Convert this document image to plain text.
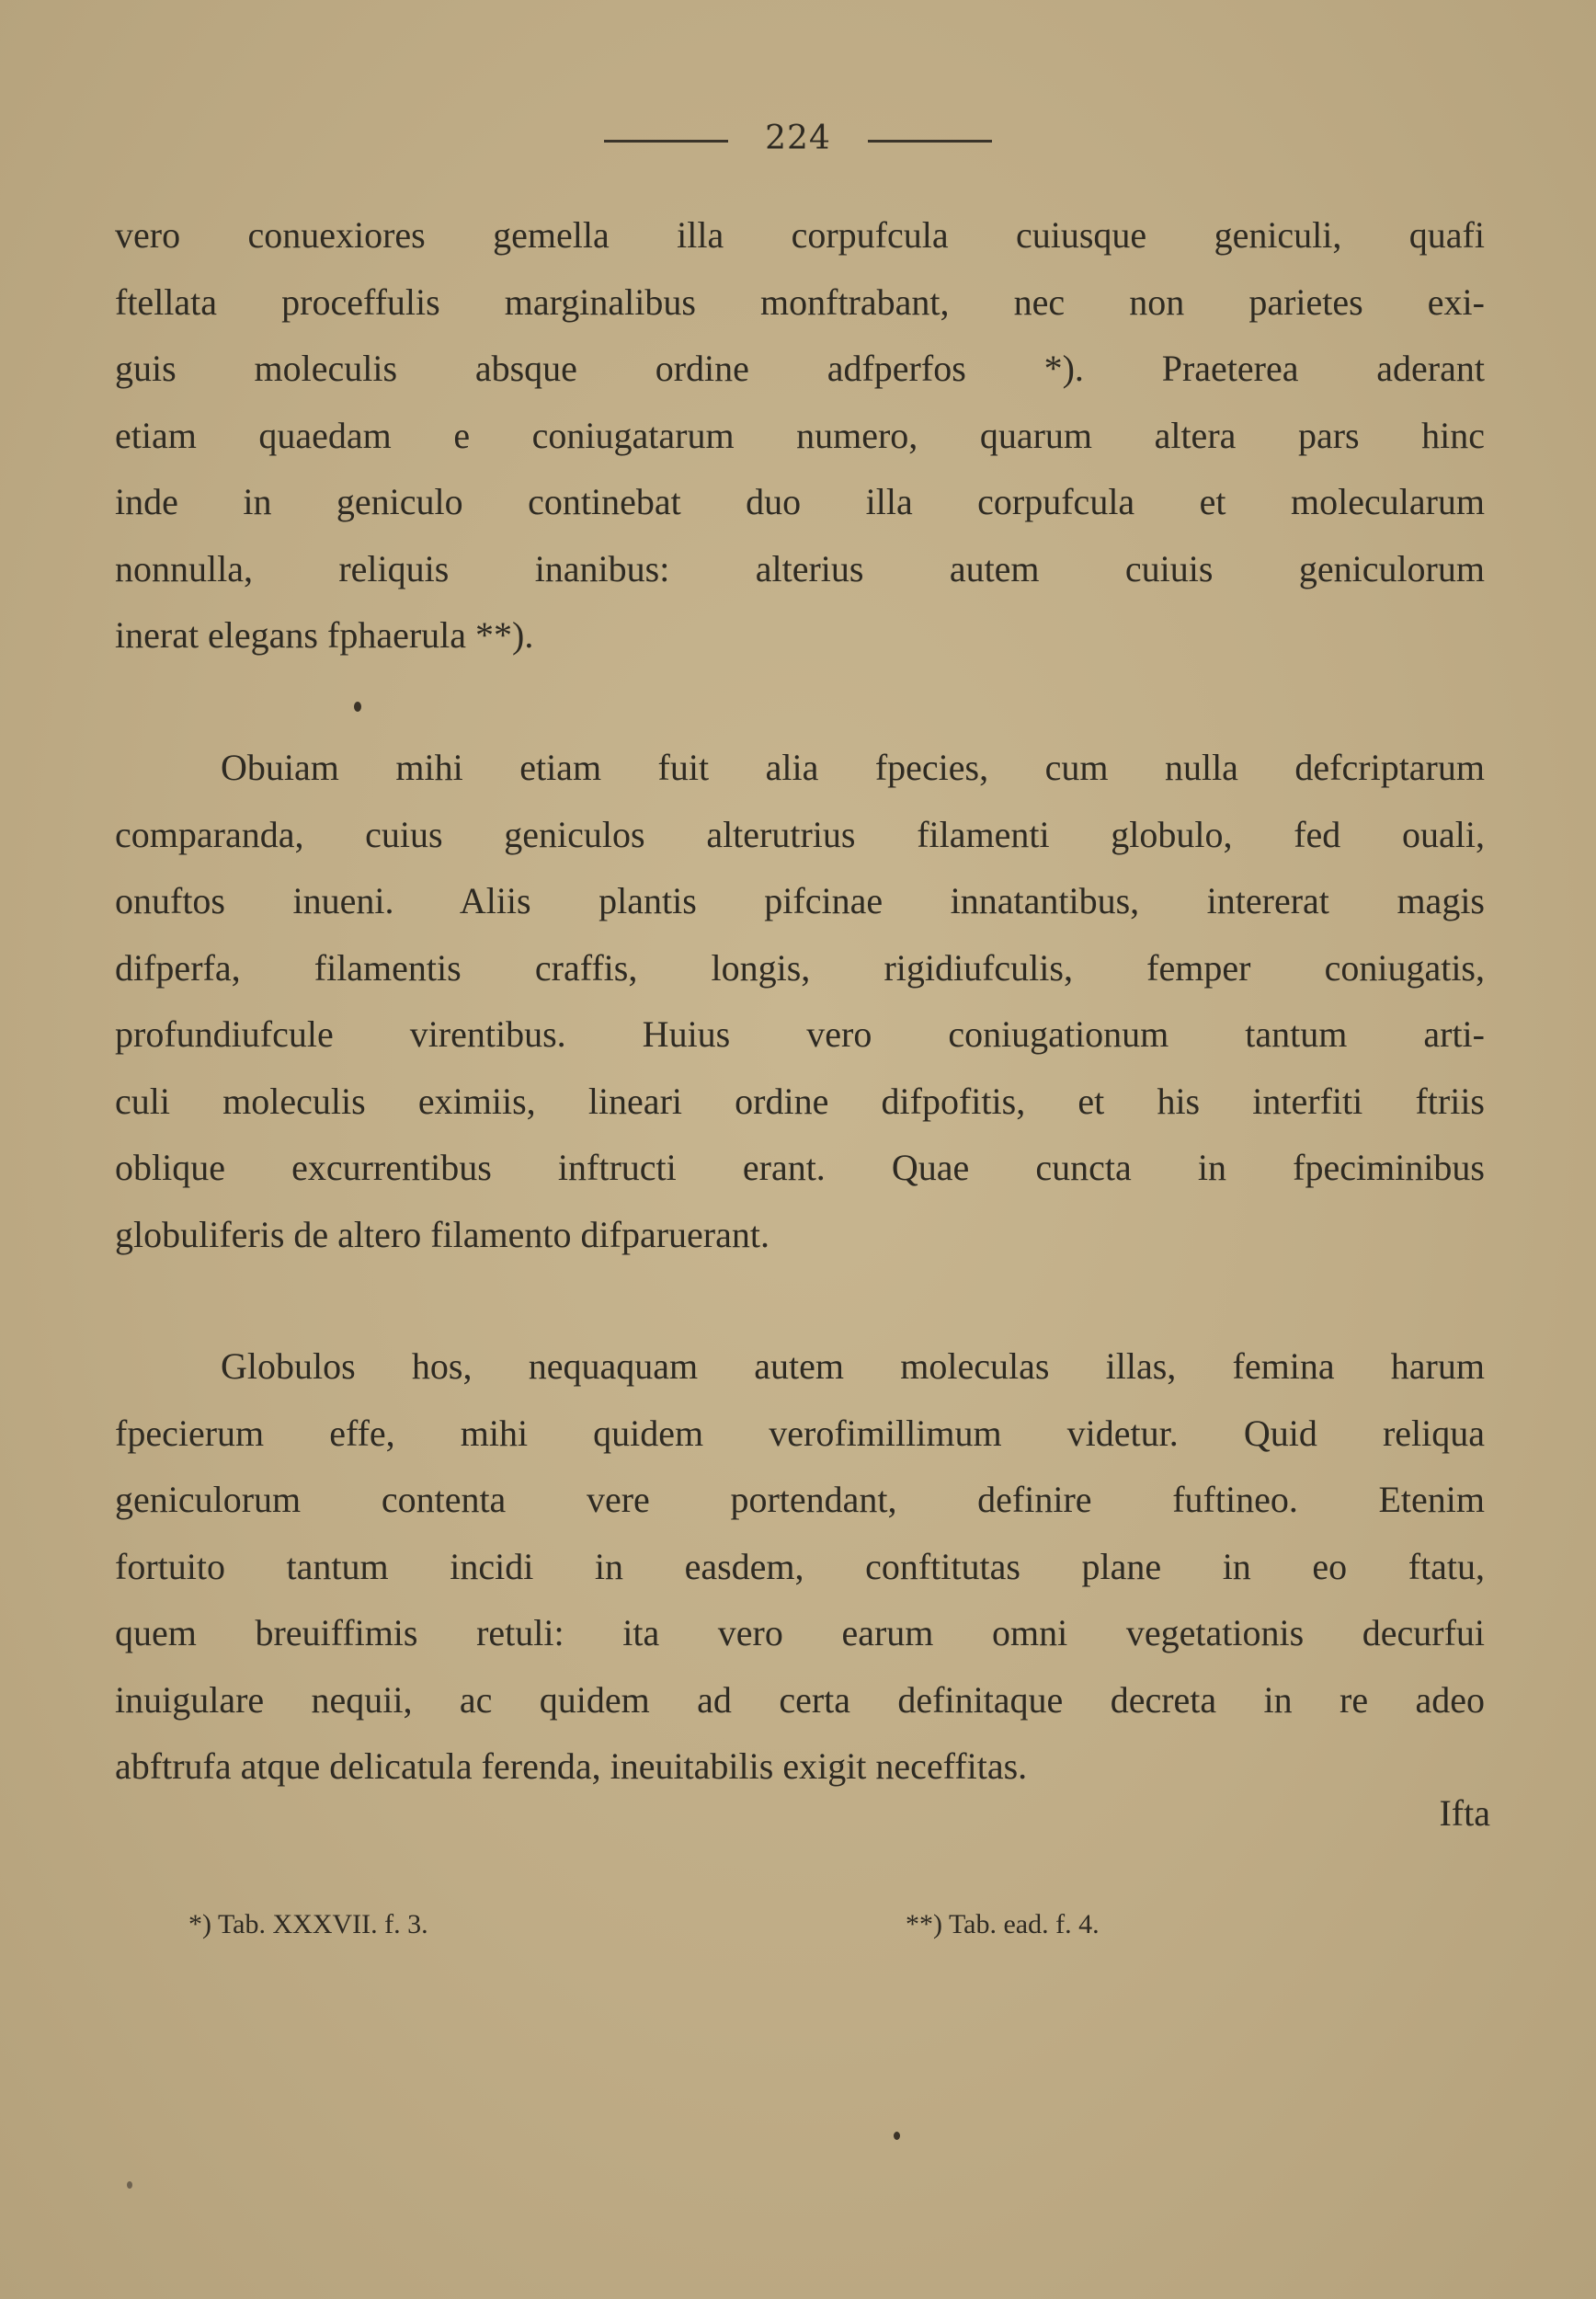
224
vero conuexiores gemella illa corpufcula cuiusque geniculi, quafi
ftellata proceffulis marginalibus monftrabant, nec non parietes exi-
guis moleculis absque ordine adfperfos *). Praeterea aderant
etiam quaedam e coniugatarum numero, quarum altera pars hinc
inde in geniculo continebat duo illa corpufcula et molecularum
nonnulla, reliquis inanibus: alterius autem cuiuis geniculorum
inerat elegans fphaerula **).
Obuiam mihi etiam fuit alia fpecies, cum nulla defcriptarum
comparanda, cuius geniculos alterutrius filamenti globulo, fed ouali,
onuftos inueni. Aliis plantis pifcinae innatantibus, intererat magis
difperfa, filamentis craffis, longis, rigidiufculis, femper coniugatis,
profundiufcule virentibus. Huius vero coniugationum tantum arti-
culi moleculis eximiis, lineari ordine difpofitis, et his interfiti ftriis
oblique excurrentibus inftructi erant. Quae cuncta in fpeciminibus
globuliferis de altero filamento difparuerant.
Globulos hos, nequaquam autem moleculas illas, femina harum
fpecierum effe, mihi quidem verofimillimum videtur. Quid reliqua
geniculorum contenta vere portendant, definire fuftineo. Etenim
fortuito tantum incidi in easdem, conftitutas plane in eo ftatu,
quem breuiffimis retuli: ita vero earum omni vegetationis decurfui
inuigulare nequii, ac quidem ad certa definitaque decreta in re adeo
abftrufa atque delicatula ferenda, ineuitabilis exigit neceffitas.
Ifta
*) Tab. XXXVII. f. 3.	**) Tab. ead. f. 4.
